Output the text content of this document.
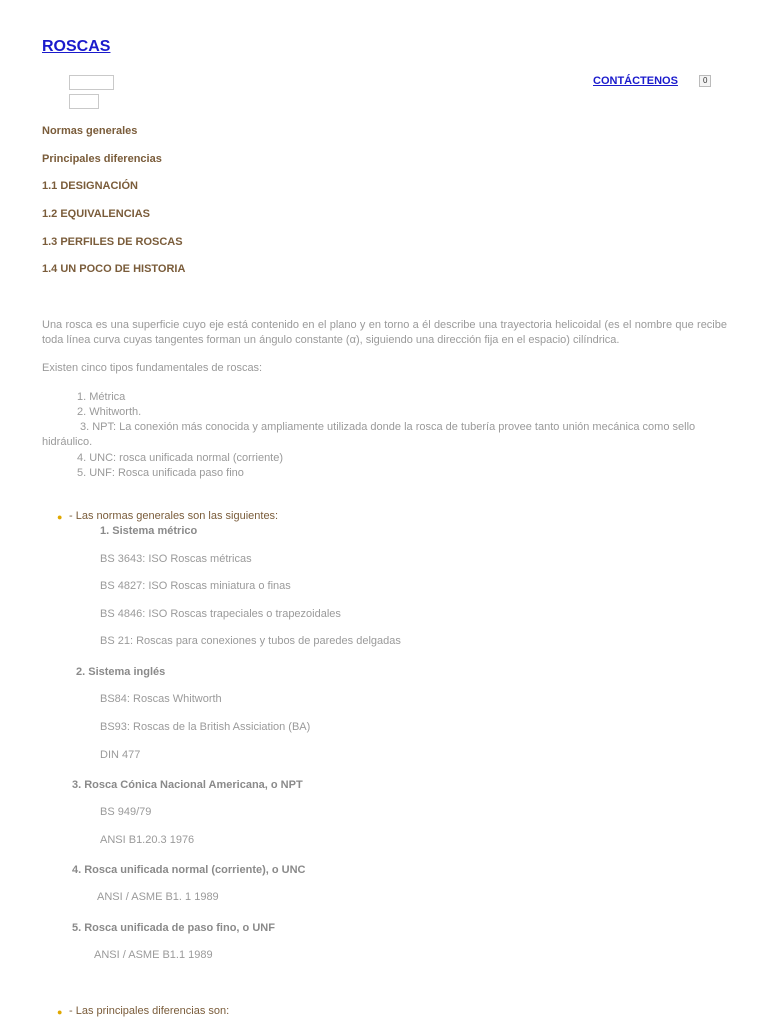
ROSCAS
CONTÁCTENOS	0
Normas generales
Principales diferencias
1.1 DESIGNACIÓN
1.2 EQUIVALENCIAS
1.3 PERFILES DE ROSCAS
1.4 UN POCO DE HISTORIA
Una rosca es una superficie cuyo eje está contenido en el plano y en torno a él describe una trayectoria helicoidal (es el nombre que recibe toda línea curva cuyas tangentes forman un ángulo constante (α), siguiendo una dirección fija en el espacio) cilíndrica.
Existen cinco tipos fundamentales de roscas:
1. Métrica
2. Whitworth.
3. NPT: La conexión más conocida y ampliamente utilizada donde la rosca de tubería provee tanto unión mecánica como sello
hidráulico.
4. UNC: rosca unificada normal (corriente)
5. UNF: Rosca unificada paso fino
● - Las normas generales son las siguientes:
1. Sistema métrico
BS 3643: ISO Roscas métricas
BS 4827: ISO Roscas miniatura o finas
BS 4846: ISO Roscas trapeciales o trapezoidales
BS 21: Roscas para conexiones y tubos de paredes delgadas
2. Sistema inglés
BS84: Roscas Whitworth
BS93: Roscas de la British Assiciation (BA)
DIN 477
3. Rosca Cónica Nacional Americana, o NPT
BS 949/79
ANSI B1.20.3 1976
4. Rosca unificada normal (corriente), o UNC
ANSI / ASME B1. 1 1989
5. Rosca unificada de paso fino, o UNF
ANSI / ASME B1.1 1989
● - Las principales diferencias son:
